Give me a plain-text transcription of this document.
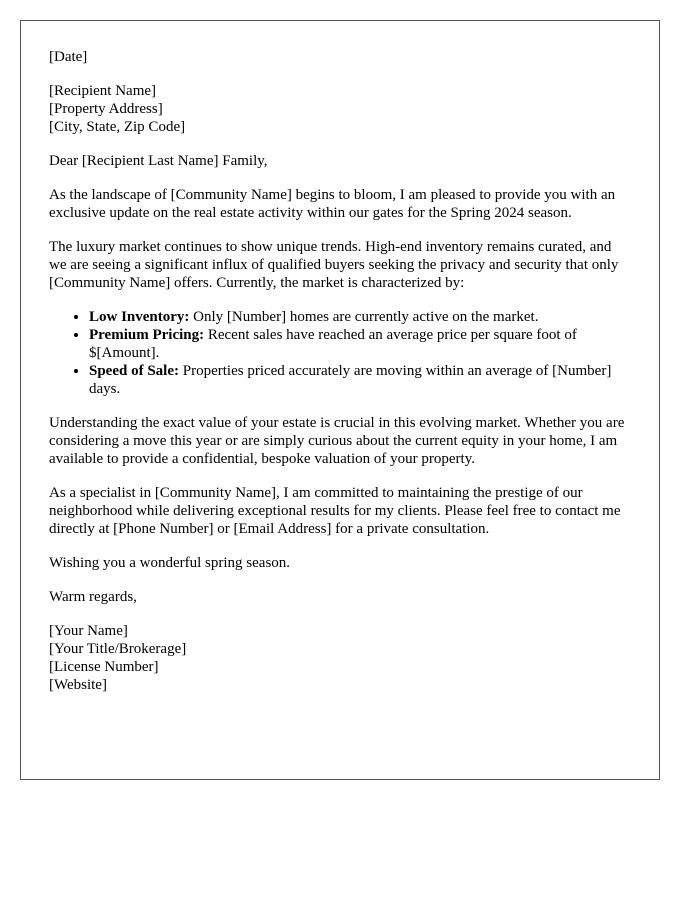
[Date]

[Recipient Name]
[Property Address]
[City, State, Zip Code]

Dear [Recipient Last Name] Family,

As the landscape of [Community Name] begins to bloom, I am pleased to provide you with an exclusive update on the real estate activity within our gates for the Spring 2024 season.

The luxury market continues to show unique trends. High-end inventory remains curated, and we are seeing a significant influx of qualified buyers seeking the privacy and security that only [Community Name] offers. Currently, the market is characterized by:

• Low Inventory: Only [Number] homes are currently active on the market.
• Premium Pricing: Recent sales have reached an average price per square foot of $[Amount].
• Speed of Sale: Properties priced accurately are moving within an average of [Number] days.

Understanding the exact value of your estate is crucial in this evolving market. Whether you are considering a move this year or are simply curious about the current equity in your home, I am available to provide a confidential, bespoke valuation of your property.

As a specialist in [Community Name], I am committed to maintaining the prestige of our neighborhood while delivering exceptional results for my clients. Please feel free to contact me directly at [Phone Number] or [Email Address] for a private consultation.

Wishing you a wonderful spring season.

Warm regards,

[Your Name]
[Your Title/Brokerage]
[License Number]
[Website]
